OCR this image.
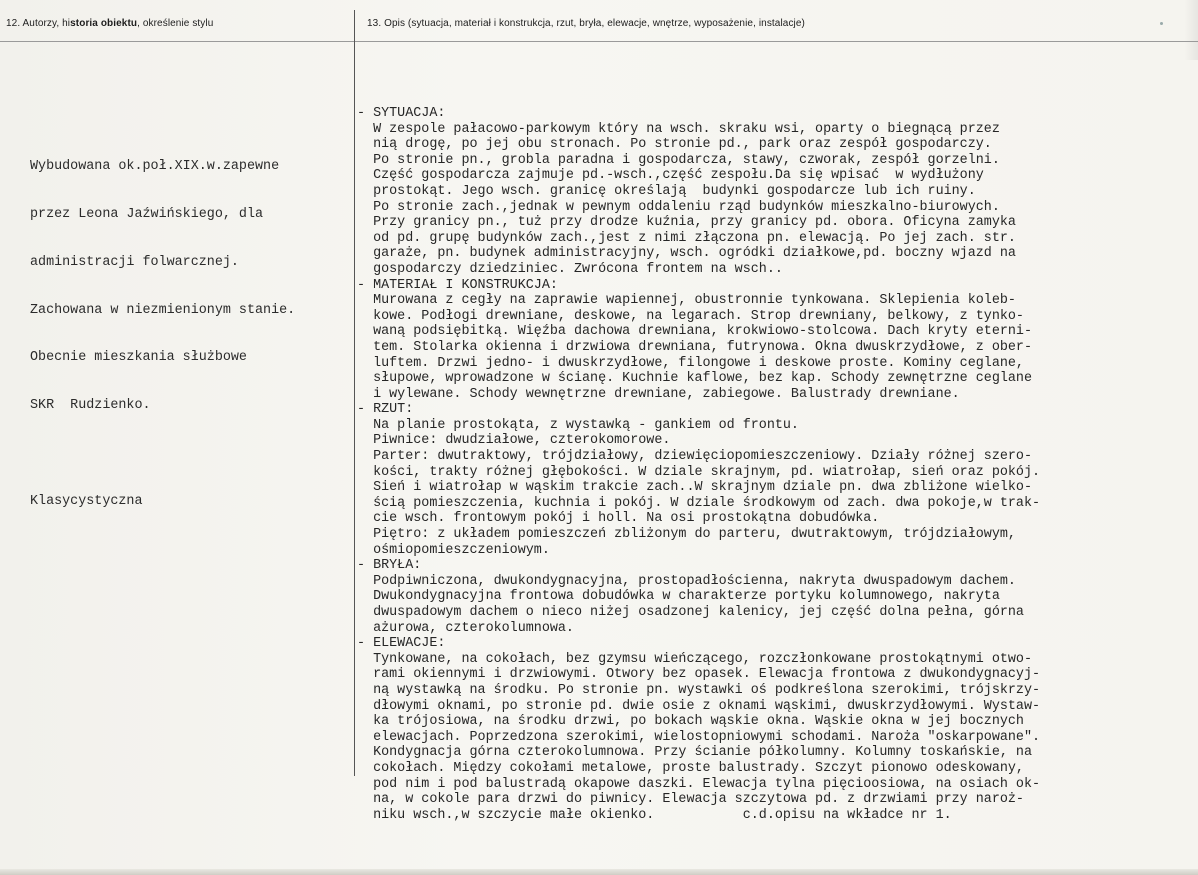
12. Autorzy, historia obiektu, określenie stylu	13. Opis (sytuacja, materiał i konstrukcja, rzut, bryła, elewacje, wnętrze, wyposażenie, instalacje)

Wybudowana ok.poł.XIX.w.zapewne

przez Leona Jaźwińskiego, dla

administracji folwarcznej.

Zachowana w niezmienionym stanie.

Obecnie mieszkania służbowe

SKR  Rudzienko.

Klasycystyczna

- SYTUACJA:
W zespole pałacowo-parkowym który na wsch. skraku wsi, oparty o biegnącą przez
nią drogę, po jej obu stronach. Po stronie pd., park oraz zespół gospodarczy.
Po stronie pn., grobla paradna i gospodarcza, stawy, czworak, zespół gorzelni.
Część gospodarcza zajmuje pd.-wsch.,część zespołu.Da się wpisać  w wydłużony
prostokąt. Jego wsch. granicę określają  budynki gospodarcze lub ich ruiny.
Po stronie zach.,jednak w pewnym oddaleniu rząd budynków mieszkalno-biurowych.
Przy granicy pn., tuż przy drodze kuźnia, przy granicy pd. obora. Oficyna zamyka
od pd. grupę budynków zach.,jest z nimi złączona pn. elewacją. Po jej zach. str.
garaże, pn. budynek administracyjny, wsch. ogródki działkowe,pd. boczny wjazd na
gospodarczy dziedziniec. Zwrócona frontem na wsch..
- MATERIAŁ I KONSTRUKCJA:
Murowana z cegły na zaprawie wapiennej, obustronnie tynkowana. Sklepienia koleb-
kowe. Podłogi drewniane, deskowe, na legarach. Strop drewniany, belkowy, z tynko-
waną podsiębitką. Więźba dachowa drewniana, krokwiowo-stolcowa. Dach kryty eterni-
tem. Stolarka okienna i drzwiowa drewniana, futrynowa. Okna dwuskrzydłowe, z ober-
luftem. Drzwi jedno- i dwuskrzydłowe, filongowe i deskowe proste. Kominy ceglane,
słupowe, wprowadzone w ścianę. Kuchnie kaflowe, bez kap. Schody zewnętrzne ceglane
i wylewane. Schody wewnętrzne drewniane, zabiegowe. Balustrady drewniane.
- RZUT:
Na planie prostokąta, z wystawką - gankiem od frontu.
Piwnice: dwudziałowe, czterokomorowe.
Parter: dwutraktowy, trójdziałowy, dziewięciopomieszczeniowy. Działy różnej szero-
kości, trakty różnej głębokości. W dziale skrajnym, pd. wiatrołap, sień oraz pokój.
Sień i wiatrołap w wąskim trakcie zach..W skrajnym dziale pn. dwa zbliżone wielko-
ścią pomieszczenia, kuchnia i pokój. W dziale środkowym od zach. dwa pokoje,w trak-
cie wsch. frontowym pokój i holl. Na osi prostokątna dobudówka.
Piętro: z układem pomieszczeń zbliżonym do parteru, dwutraktowym, trójdziałowym,
ośmiopomieszczeniowym.
- BRYŁA:
Podpiwniczona, dwukondygnacyjna, prostopadłościenna, nakryta dwuspadowym dachem.
Dwukondygnacyjna frontowa dobudówka w charakterze portyku kolumnowego, nakryta
dwuspadowym dachem o nieco niżej osadzonej kalenicy, jej część dolna pełna, górna
ażurowa, czterokolumnowa.
- ELEWACJE:
Tynkowane, na cokołach, bez gzymsu wieńczącego, rozczłonkowane prostokątnymi otwo-
rami okiennymi i drzwiowymi. Otwory bez opasek. Elewacja frontowa z dwukondygnacyj-
ną wystawką na środku. Po stronie pn. wystawki oś podkreślona szerokimi, trójskrzy-
dłowymi oknami, po stronie pd. dwie osie z oknami wąskimi, dwuskrzydłowymi. Wystaw-
ka trójosiowa, na środku drzwi, po bokach wąskie okna. Wąskie okna w jej bocznych
elewacjach. Poprzedzona szerokimi, wielostopniowymi schodami. Naroża "oskarpowane".
Kondygnacja górna czterokolumnowa. Przy ścianie półkolumny. Kolumny toskańskie, na
cokołach. Między cokołami metalowe, proste balustrady. Szczyt pionowo odeskowany,
pod nim i pod balustradą okapowe daszki. Elewacja tylna pięcioosiowa, na osiach ok-
na, w cokole para drzwi do piwnicy. Elewacja szczytowa pd. z drzwiami przy naroż-
niku wsch.,w szczycie małe okienko.           c.d.opisu na wkładce nr 1.
